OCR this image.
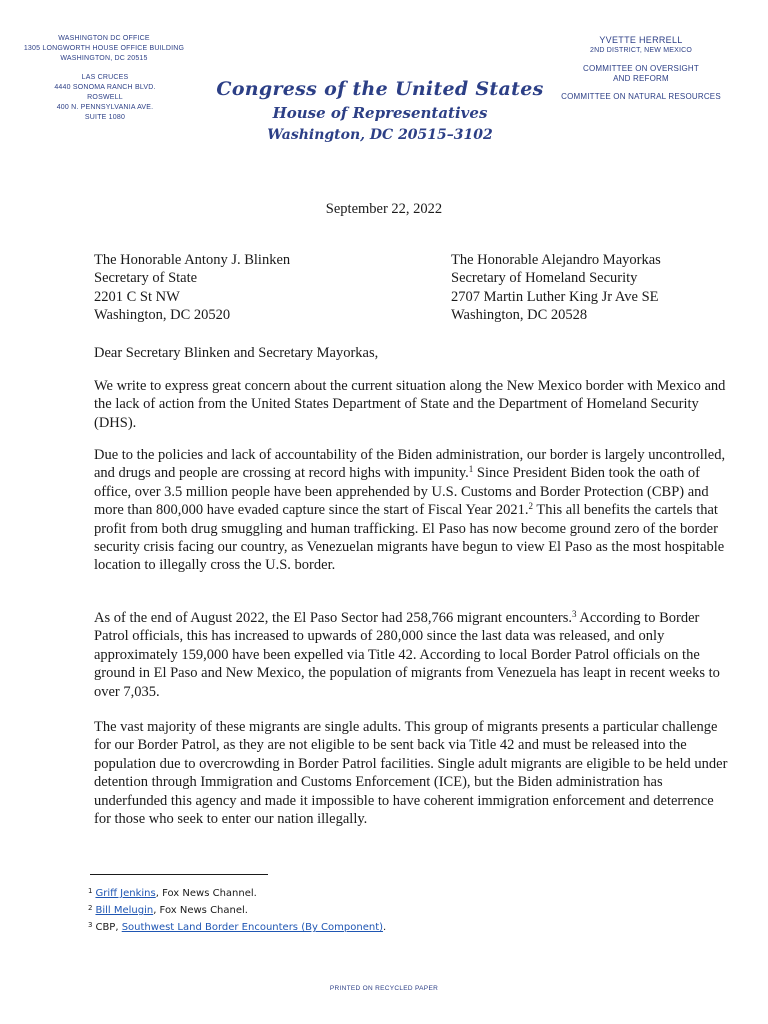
WASHINGTON DC OFFICE
1305 LONGWORTH HOUSE OFFICE BUILDING
WASHINGTON, DC 20515
LAS CRUCES
4440 SONOMA RANCH BLVD.
ROSWELL
400 N. PENNSYLVANIA AVE.
SUITE 1080
Congress of the United States
House of Representatives
Washington, DC 20515–3102
YVETTE HERRELL
2ND DISTRICT, NEW MEXICO
COMMITTEE ON OVERSIGHT
AND REFORM
COMMITTEE ON NATURAL RESOURCES
September 22, 2022
The Honorable Antony J. Blinken
Secretary of State
2201 C St NW
Washington, DC 20520
The Honorable Alejandro Mayorkas
Secretary of Homeland Security
2707 Martin Luther King Jr Ave SE
Washington, DC 20528
Dear Secretary Blinken and Secretary Mayorkas,

We write to express great concern about the current situation along the New Mexico border with Mexico and the lack of action from the United States Department of State and the Department of Homeland Security (DHS).

Due to the policies and lack of accountability of the Biden administration, our border is largely uncontrolled, and drugs and people are crossing at record highs with impunity.$^1$ Since President Biden took the oath of office, over 3.5 million people have been apprehended by U.S. Customs and Border Protection (CBP) and more than 800,000 have evaded capture since the start of Fiscal Year 2021.$^2$ This all benefits the cartels that profit from both drug smuggling and human trafficking. El Paso has now become ground zero of the border security crisis facing our country, as Venezuelan migrants have begun to view El Paso as the most hospitable location to illegally cross the U.S. border.

As of the end of August 2022, the El Paso Sector had 258,766 migrant encounters.$^3$ According to Border Patrol officials, this has increased to upwards of 280,000 since the last data was released, and only approximately 159,000 have been expelled via Title 42. According to local Border Patrol officials on the ground in El Paso and New Mexico, the population of migrants from Venezuela has leapt in recent weeks to over 7,035.

The vast majority of these migrants are single adults. This group of migrants presents a particular challenge for our Border Patrol, as they are not eligible to be sent back via Title 42 and must be released into the population due to overcrowding in Border Patrol facilities. Single adult migrants are eligible to be held under detention through Immigration and Customs Enforcement (ICE), but the Biden administration has underfunded this agency and made it impossible to have coherent immigration enforcement and deterrence for those who seek to enter our nation illegally.

$^1$ Griff Jenkins, Fox News Channel.
$^2$ Bill Melugin, Fox News Chanel.
$^3$ CBP, Southwest Land Border Encounters (By Component).
PRINTED ON RECYCLED PAPER
